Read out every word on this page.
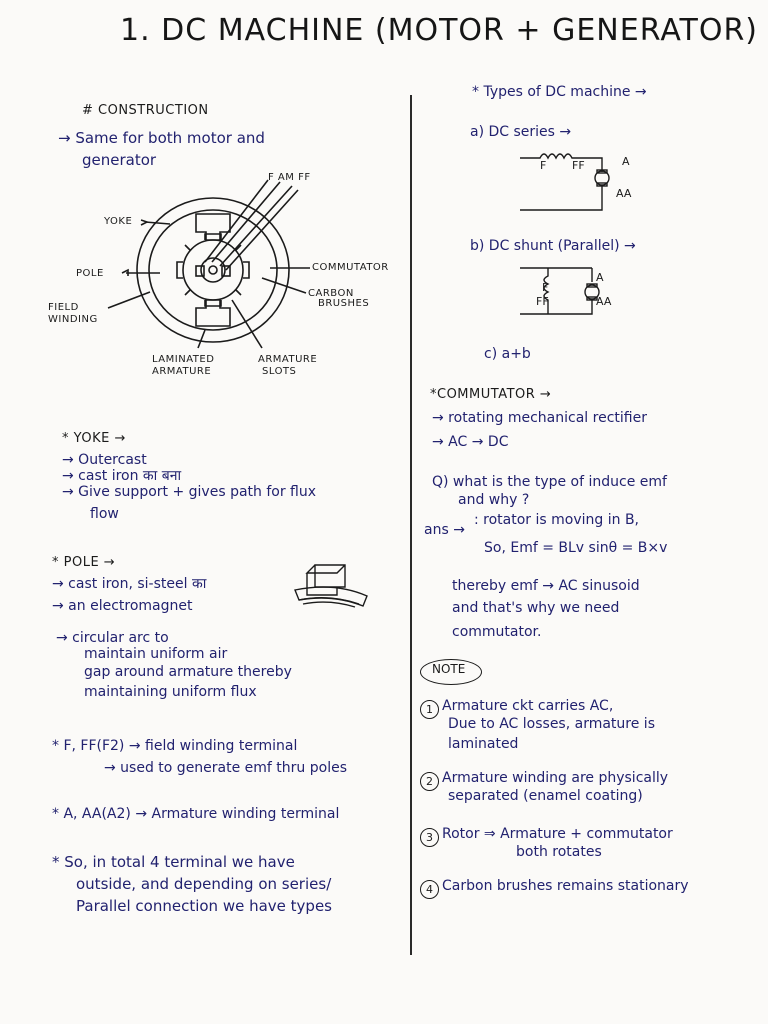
1. DC MACHINE (MOTOR + GENERATOR)
# CONSTRUCTION
→ Same for both motor and
generator
F AM FF
YOKE
POLE
FIELD
WINDING
COMMUTATOR
CARBON
BRUSHES
LAMINATED
ARMATURE
ARMATURE
SLOTS
* YOKE →
→ Outercast
→ cast iron का बना
→ Give support + gives path for flux
flow
* POLE →
→ cast iron, si-steel का
→ an electromagnet
→ circular arc to
maintain uniform air
gap around armature thereby
maintaining uniform flux
* F, FF(F2) → field winding terminal
→ used to generate emf thru poles
* A, AA(A2) → Armature winding terminal
* So, in total 4 terminal we have
outside, and depending on series/
Parallel connection we have types
* Types of DC machine →
a) DC series →
F FF	A
AA
b) DC shunt (Parallel) →
F
FF
A
AA
c) a+b
*COMMUTATOR →
→ rotating mechanical rectifier
→ AC → DC
Q) what is the type of induce emf
and why ?
ans →
: rotator is moving in B,
So, Emf = BLv sinθ = B×v
thereby emf → AC sinusoid
and that's why we need
commutator.
NOTE
1 Armature ckt carries AC,
Due to AC losses, armature is
laminated
2 Armature winding are physically
separated (enamel coating)
3 Rotor ⇒ Armature + commutator
both rotates
4 Carbon brushes remains stationary
